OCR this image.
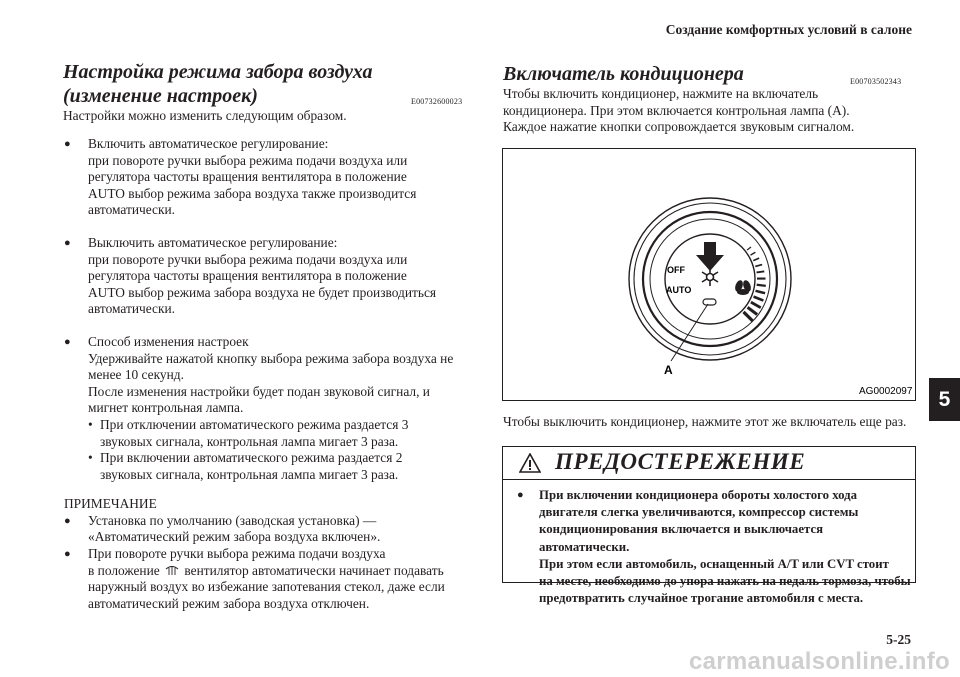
Создание комфортных условий в салоне
Настройка режима забора воздуха
(изменение настроек)	E00732600023
Настройки можно изменить следующим образом.
●	Включить автоматическое регулирование:
при повороте ручки выбора режима подачи воздуха или
регулятора частоты вращения вентилятора в положение
AUTO выбор режима забора воздуха также производится
автоматически.
●	Выключить автоматическое регулирование:
при повороте ручки выбора режима подачи воздуха или
регулятора частоты вращения вентилятора в положение
AUTO выбор режима забора воздуха не будет производиться
автоматически.
●	Способ изменения настроек
Удерживайте нажатой кнопку выбора режима забора воздуха не
менее 10 секунд.
После изменения настройки будет подан звуковой сигнал, и
мигнет контрольная лампа.
• При отключении автоматического режима раздается 3
звуковых сигнала, контрольная лампа мигает 3 раза.
• При включении автоматического режима раздается 2
звуковых сигнала, контрольная лампа мигает 3 раза.
ПРИМЕЧАНИЕ
●	Установка по умолчанию (заводская установка) —
«Автоматический режим забора воздуха включен».
●	При повороте ручки выбора режима подачи воздуха
в положение вентилятор автоматически начинает подавать
наружный воздух во избежание запотевания стекол, даже если
автоматический режим забора воздуха отключен.
Включатель кондиционера	E00703502343
Чтобы включить кондиционер, нажмите на включатель
кондиционера. При этом включается контрольная лампа (A).
Каждое нажатие кнопки сопровождается звуковым сигналом.
OFF
AUTO
A
AG0002097
Чтобы выключить кондиционер, нажмите этот же включатель еще раз.
ПРЕДОСТЕРЕЖЕНИЕ
●	При включении кондиционера обороты холостого хода
двигателя слегка увеличиваются, компрессор системы
кондиционирования включается и выключается автоматически.
При этом если автомобиль, оснащенный A/T или CVT стоит
на месте, необходимо до упора нажать на педаль тормоза, чтобы
предотвратить случайное трогание автомобиля с места.
5
5-25
carmanualsonline.info
